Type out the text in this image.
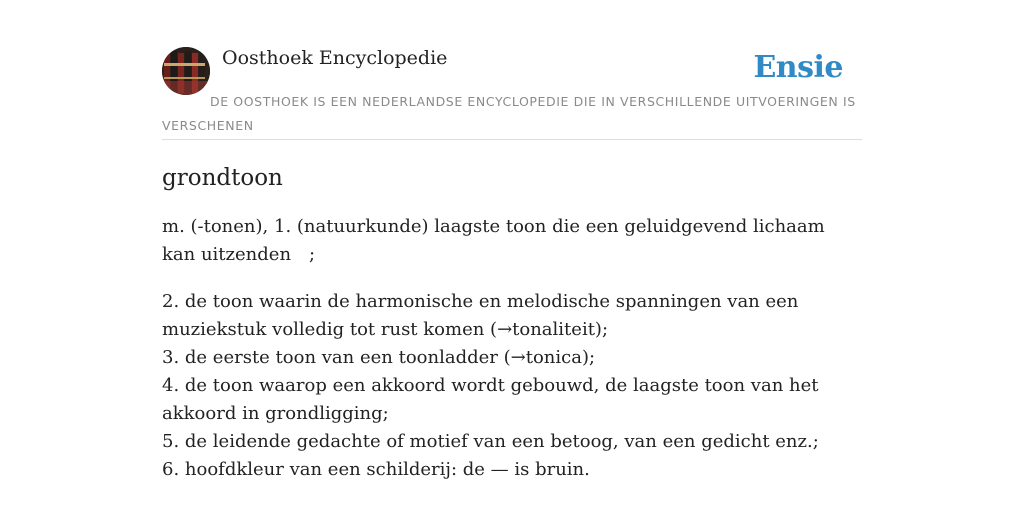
Oosthoek Encyclopedie	Ensie
DE OOSTHOEK IS EEN NEDERLANDSE ENCYCLOPEDIE DIE IN VERSCHILLENDE UITVOERINGEN IS VERSCHENEN
grondtoon

m. (-tonen), 1. (natuurkunde) laagste toon die een geluidgevend lichaam kan uitzenden ;

2. de toon waarin de harmonische en melodische spanningen van een muziekstuk volledig tot rust komen (→tonaliteit);
3. de eerste toon van een toonladder (→tonica);
4. de toon waarop een akkoord wordt gebouwd, de laagste toon van het akkoord in grondligging;
5. de leidende gedachte of motief van een betoog, van een gedicht enz.;
6. hoofdkleur van een schilderij: de — is bruin.
